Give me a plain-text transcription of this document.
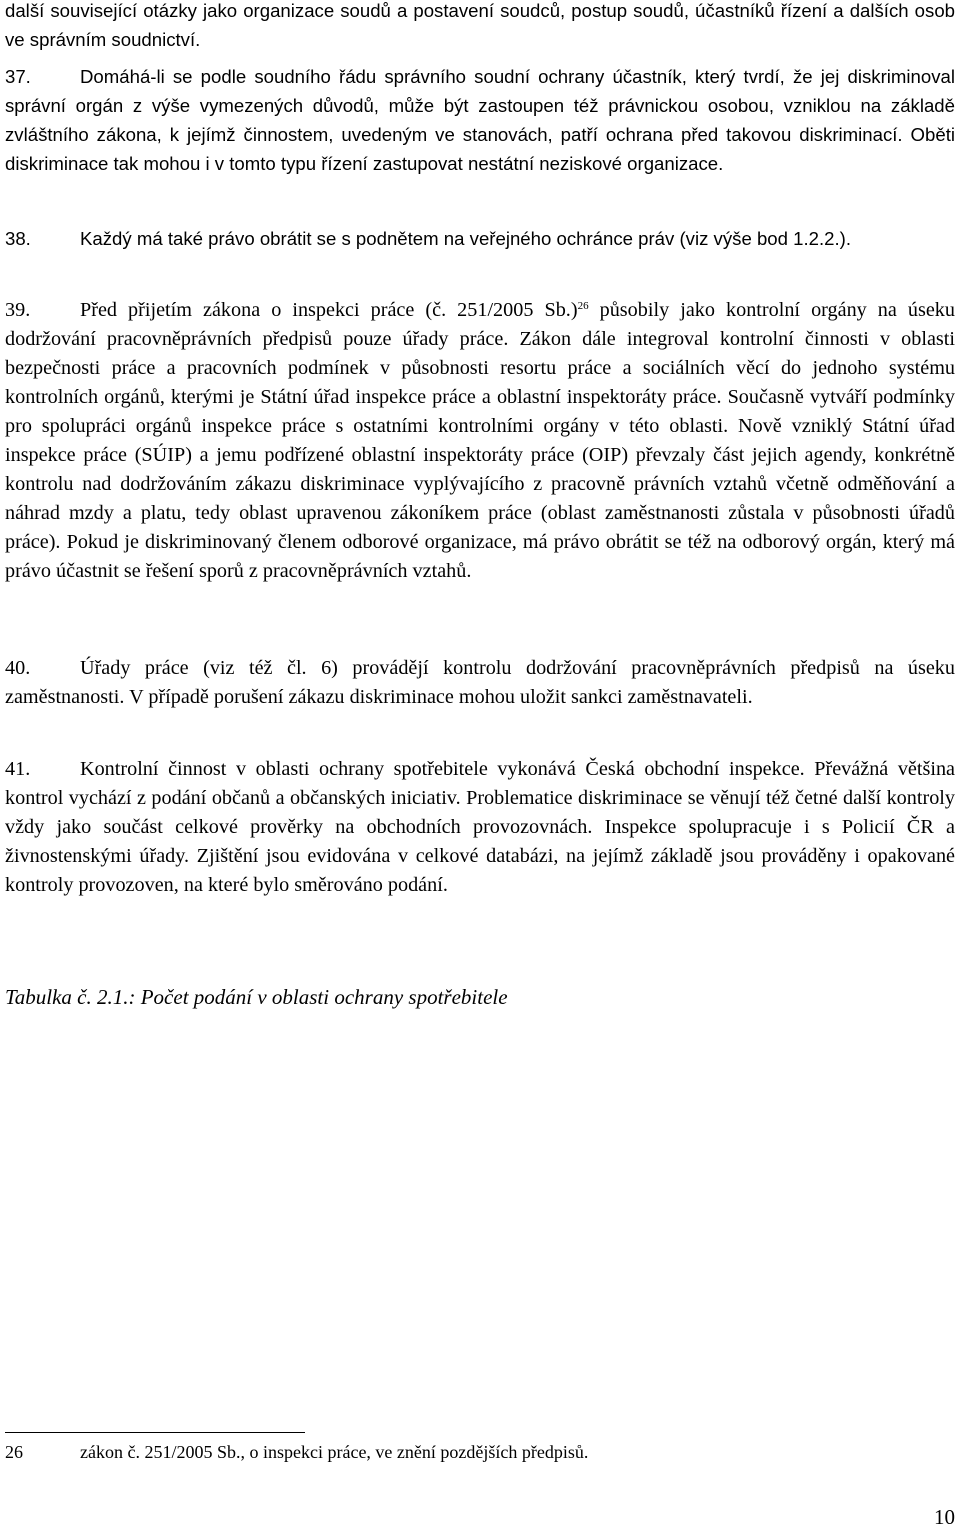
další související otázky jako organizace soudů a postavení soudců, postup soudů, účastníků řízení a dalších osob ve správním soudnictví.

37.	Domáhá-li se podle soudního řádu správního soudní ochrany účastník, který tvrdí, že jej diskriminoval správní orgán z výše vymezených důvodů, může být zastoupen též právnickou osobou, vzniklou na základě zvláštního zákona, k jejímž činnostem, uvedeným ve stanovách, patří ochrana před takovou diskriminací. Oběti diskriminace tak mohou i v tomto typu řízení zastupovat nestátní neziskové organizace.

38.	Každý má také právo obrátit se s podnětem na veřejného ochránce práv (viz výše bod 1.2.2.).

39. Před přijetím zákona o inspekci práce (č. 251/2005 Sb.)$^{26}$ působily jako kontrolní orgány na úseku dodržování pracovněprávních předpisů pouze úřady práce. Zákon dále integroval kontrolní činnosti v oblasti bezpečnosti práce a pracovních podmínek v působnosti resortu práce a sociálních věcí do jednoho systému kontrolních orgánů, kterými je Státní úřad inspekce práce a oblastní inspektoráty práce. Současně vytváří podmínky pro spolupráci orgánů inspekce práce s ostatními kontrolními orgány v této oblasti. Nově vzniklý Státní úřad inspekce práce (SÚIP) a jemu podřízené oblastní inspektoráty práce (OIP) převzaly část jejich agendy, konkrétně kontrolu nad dodržováním zákazu diskriminace vyplývajícího z pracovně právních vztahů včetně odměňování a náhrad mzdy a platu, tedy oblast upravenou zákoníkem práce (oblast zaměstnanosti zůstala v působnosti úřadů práce). Pokud je diskriminovaný členem odborové organizace, má právo obrátit se též na odborový orgán, který má právo účastnit se řešení sporů z pracovněprávních vztahů.

40. Úřady práce (viz též čl. 6) provádějí kontrolu dodržování pracovněprávních předpisů na úseku zaměstnanosti. V případě porušení zákazu diskriminace mohou uložit sankci zaměstnavateli.

41. Kontrolní činnost v oblasti ochrany spotřebitele vykonává Česká obchodní inspekce. Převážná většina kontrol vychází z podání občanů a občanských iniciativ. Problematice diskriminace se věnují též četné další kontroly vždy jako součást celkové prověrky na obchodních provozovnách. Inspekce spolupracuje i s Policií ČR a živnostenskými úřady. Zjištění jsou evidována v celkové databázi, na jejímž základě jsou prováděny i opakované kontroly provozoven, na které bylo směrováno podání.

Tabulka č. 2.1.: Počet podání v oblasti ochrany spotřebitele
26	zákon č. 251/2005 Sb., o inspekci práce, ve znění pozdějších předpisů.
10
